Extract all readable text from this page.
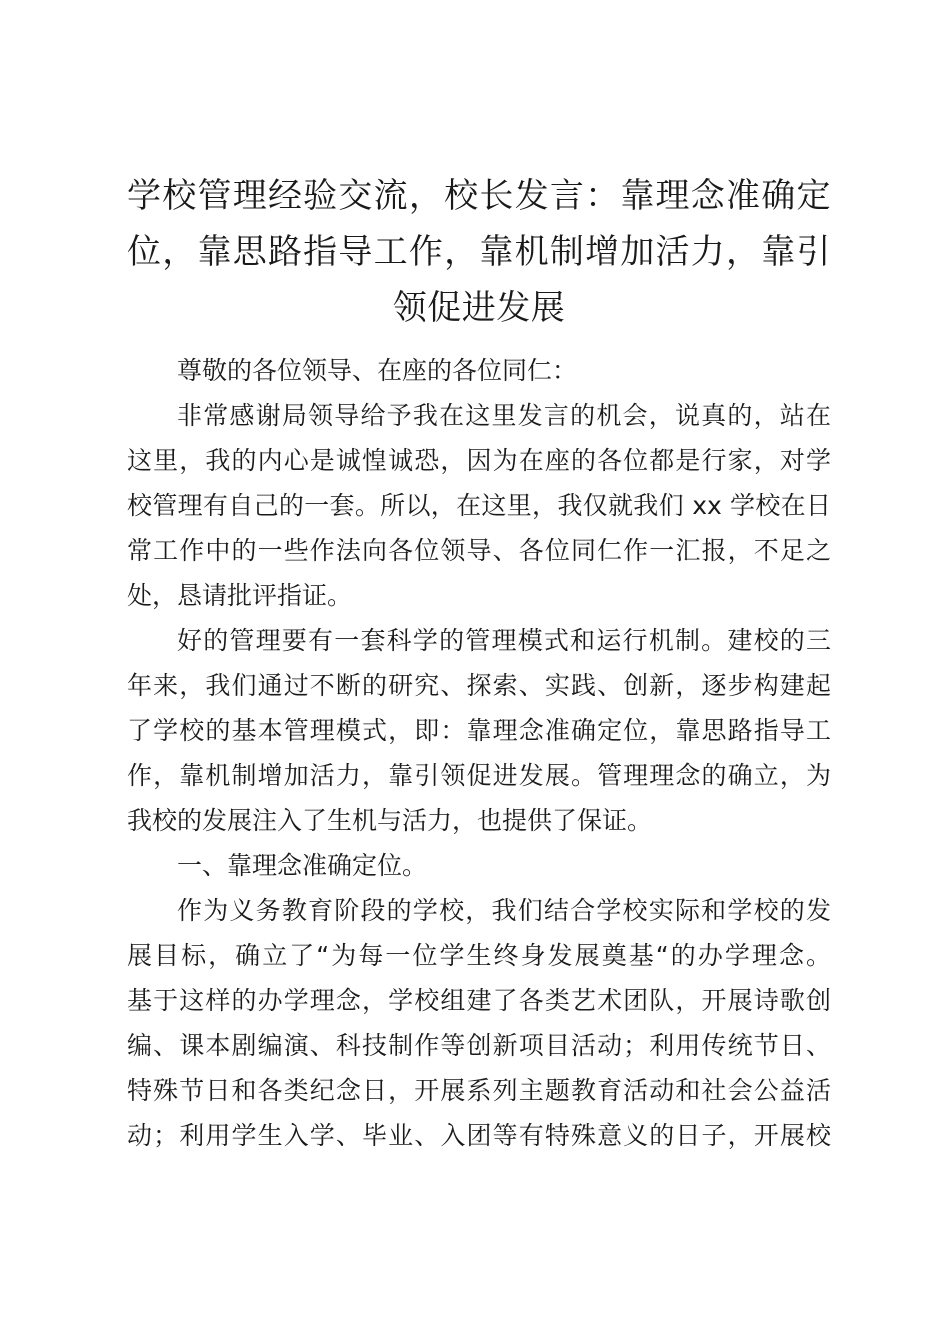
学校管理经验交流，校长发言：靠理念准确定
位，靠思路指导工作，靠机制增加活力，靠引
领促进发展
尊敬的各位领导、在座的各位同仁：
非常感谢局领导给予我在这里发言的机会，说真的，站在
这里，我的内心是诚惶诚恐，因为在座的各位都是行家，对学
校管理有自己的一套。所以，在这里，我仅就我们 xx 学校在日
常工作中的一些作法向各位领导、各位同仁作一汇报，不足之
处，恳请批评指证。
好的管理要有一套科学的管理模式和运行机制。建校的三
年来，我们通过不断的研究、探索、实践、创新，逐步构建起
了学校的基本管理模式，即：靠理念准确定位，靠思路指导工
作，靠机制增加活力，靠引领促进发展。管理理念的确立，为
我校的发展注入了生机与活力，也提供了保证。
一、靠理念准确定位。
作为义务教育阶段的学校，我们结合学校实际和学校的发
展目标，确立了“为每一位学生终身发展奠基“的办学理念。
基于这样的办学理念，学校组建了各类艺术团队，开展诗歌创
编、课本剧编演、科技制作等创新项目活动；利用传统节日、
特殊节日和各类纪念日，开展系列主题教育活动和社会公益活
动；利用学生入学、毕业、入团等有特殊意义的日子，开展校
